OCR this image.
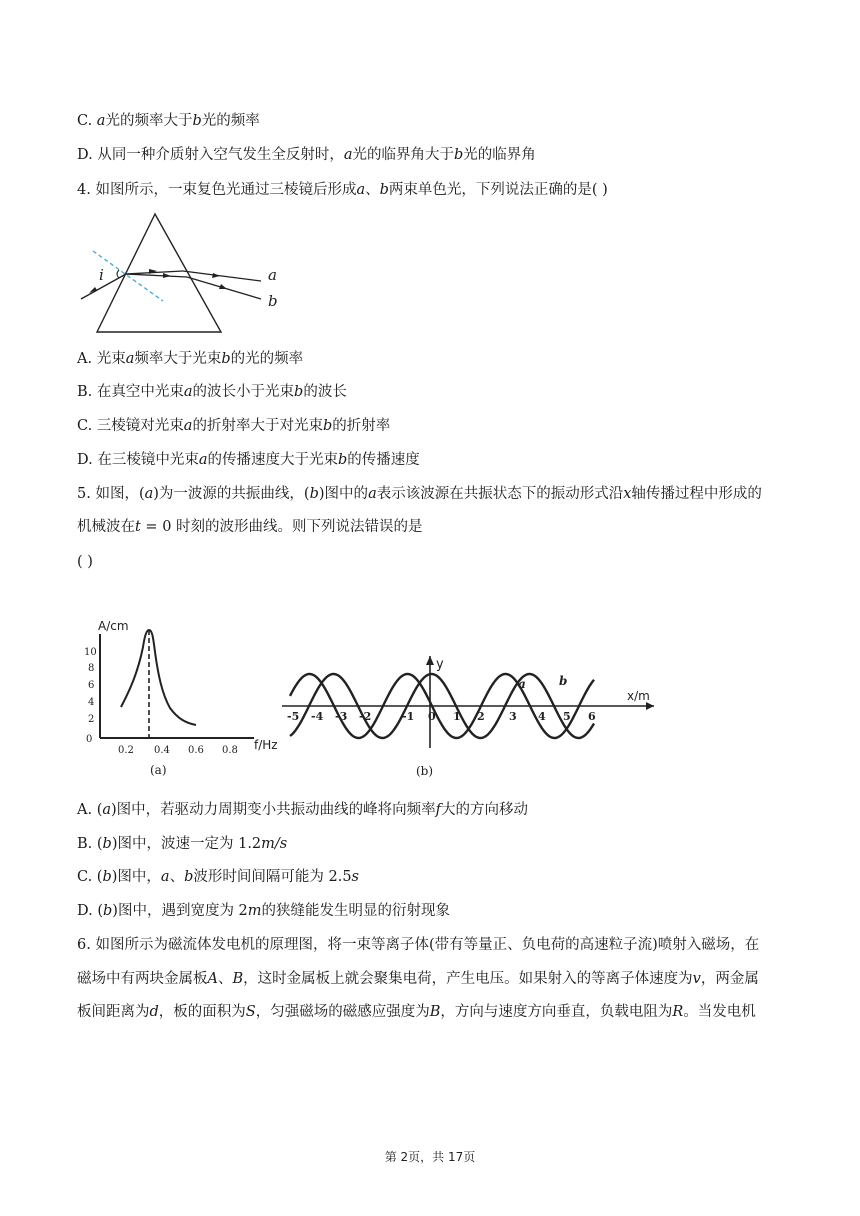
C. a光的频率大于b光的频率
D. 从同一种介质射入空气发生全反射时，a光的临界角大于b光的临界角
4. 如图所示，一束复色光通过三棱镜后形成a、b两束单色光，下列说法正确的是( )
i	a
b
A. 光束a频率大于光束b的光的频率
B. 在真空中光束a的波长小于光束b的波长
C. 三棱镜对光束a的折射率大于对光束b的折射率
D. 在三棱镜中光束a的传播速度大于光束b的传播速度
5. 如图，(a)为一波源的共振曲线，(b)图中的a表示该波源在共振状态下的振动形式沿x轴传播过程中形成的
机械波在t = 0 时刻的波形曲线。则下列说法错误的是
( )
A/cm
10
8
6
4
2
0
0.2 0.4 0.6 0.8 f/Hz
(a)
y
x/m
-5 -4 -3 -2	-1 0 1 2 3 4 5 6
a	b
(b)
A. (a)图中，若驱动力周期变小共振动曲线的峰将向频率f大的方向移动
B. (b)图中，波速一定为 1.2m/s
C. (b)图中，a、b波形时间间隔可能为 2.5s
D. (b)图中，遇到宽度为 2m的狭缝能发生明显的衍射现象
6. 如图所示为磁流体发电机的原理图，将一束等离子体(带有等量正、负电荷的高速粒子流)喷射入磁场，在
磁场中有两块金属板A、B，这时金属板上就会聚集电荷，产生电压。如果射入的等离子体速度为v，两金属
板间距离为d，板的面积为S，匀强磁场的磁感应强度为B，方向与速度方向垂直，负载电阻为R。当发电机
第 2页，共 17页
